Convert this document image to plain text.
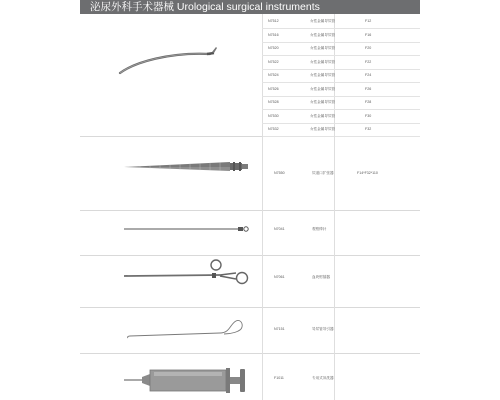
泌尿外科手术器械 Urological surgical instruments
N7512	女性金属导尿管	F12
N7516	女性金属导尿管	F16
N7520	女性金属导尿管	F20
N7522	女性金属导尿管	F22
N7524	女性金属导尿管	F24
N7526	女性金属导尿管	F26
N7528	女性金属导尿管	F28
N7530	女性金属导尿管	F30
N7532	女性金属导尿管	F32
N7550	尿道口扩张器	F14*F32*110
N7041	观察棒针
N7061	血块钳插器
N7151	导尿管导引器
F1011	专用式冲洗器
